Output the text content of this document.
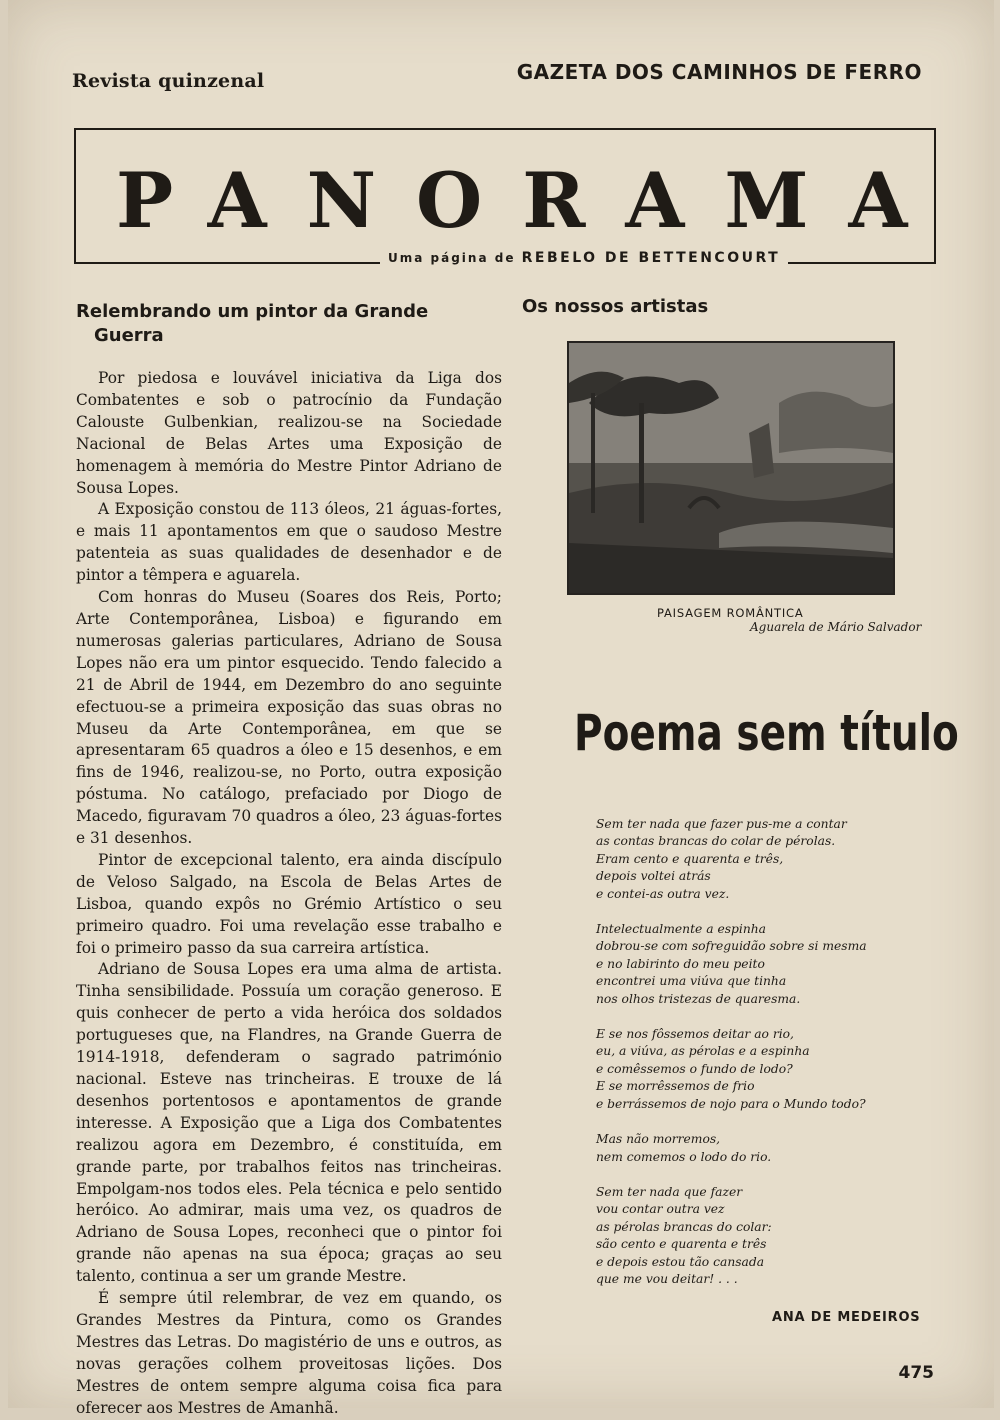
Revista quinzenal	GAZETA DOS CAMINHOS DE FERRO
PANORAMA
Uma página de REBELO DE BETTENCOURT
Relembrando um pintor da Grande
Guerra

Por piedosa e louvável iniciativa da Liga dos Combatentes e sob o patrocínio da Fundação Calouste Gulbenkian, realizou-se na Sociedade Nacional de Belas Artes uma Exposição de homenagem à memória do Mestre Pintor Adriano de Sousa Lopes.

A Exposição constou de 113 óleos, 21 águas-fortes, e mais 11 apontamentos em que o saudoso Mestre patenteia as suas qualidades de desenhador e de pintor a têmpera e aguarela.

Com honras do Museu (Soares dos Reis, Porto; Arte Contemporânea, Lisboa) e figurando em numerosas galerias particulares, Adriano de Sousa Lopes não era um pintor esquecido. Tendo falecido a 21 de Abril de 1944, em Dezembro do ano seguinte efectuou-se a primeira exposição das suas obras no Museu da Arte Contemporânea, em que se apresentaram 65 quadros a óleo e 15 desenhos, e em fins de 1946, realizou-se, no Porto, outra exposição póstuma. No catálogo, prefaciado por Diogo de Macedo, figuravam 70 quadros a óleo, 23 águas-fortes e 31 desenhos.

Pintor de excepcional talento, era ainda discípulo de Veloso Salgado, na Escola de Belas Artes de Lisboa, quando expôs no Grémio Artístico o seu primeiro quadro. Foi uma revelação esse trabalho e foi o primeiro passo da sua carreira artística.

Adriano de Sousa Lopes era uma alma de artista. Tinha sensibilidade. Possuía um coração generoso. E quis conhecer de perto a vida heróica dos soldados portugueses que, na Flandres, na Grande Guerra de 1914-1918, defenderam o sagrado património nacional. Esteve nas trincheiras. E trouxe de lá desenhos portentosos e apontamentos de grande interesse. A Exposição que a Liga dos Combatentes realizou agora em Dezembro, é constituída, em grande parte, por trabalhos feitos nas trincheiras. Empolgam-nos todos eles. Pela técnica e pelo sentido heróico. Ao admirar, mais uma vez, os quadros de Adriano de Sousa Lopes, reconheci que o pintor foi grande não apenas na sua época; graças ao seu talento, continua a ser um grande Mestre.

É sempre útil relembrar, de vez em quando, os Grandes Mestres da Pintura, como os Grandes Mestres das Letras. Do magistério de uns e outros, as novas gerações colhem proveitosas lições. Dos Mestres de ontem sempre alguma coisa fica para oferecer aos Mestres de Amanhã.

Os nossos artistas
PAISAGEM ROMÂNTICA
Aguarela de Mário Salvador
Poema sem título
Sem ter nada que fazer pus-me a contar
as contas brancas do colar de pérolas.
Eram cento e quarenta e três,
depois voltei atrás
e contei-as outra vez.
Intelectualmente a espinha
dobrou-se com sofreguidão sobre si mesma
e no labirinto do meu peito
encontrei uma viúva que tinha
nos olhos tristezas de quaresma.
E se nos fôssemos deitar ao rio,
eu, a viúva, as pérolas e a espinha
e comêssemos o fundo de lodo?
E se morrêssemos de frio
e berrássemos de nojo para o Mundo todo?
Mas não morremos,
nem comemos o lodo do rio.
Sem ter nada que fazer
vou contar outra vez
as pérolas brancas do colar:
são cento e quarenta e três
e depois estou tão cansada
que me vou deitar! . . .
ANA DE MEDEIROS
475
